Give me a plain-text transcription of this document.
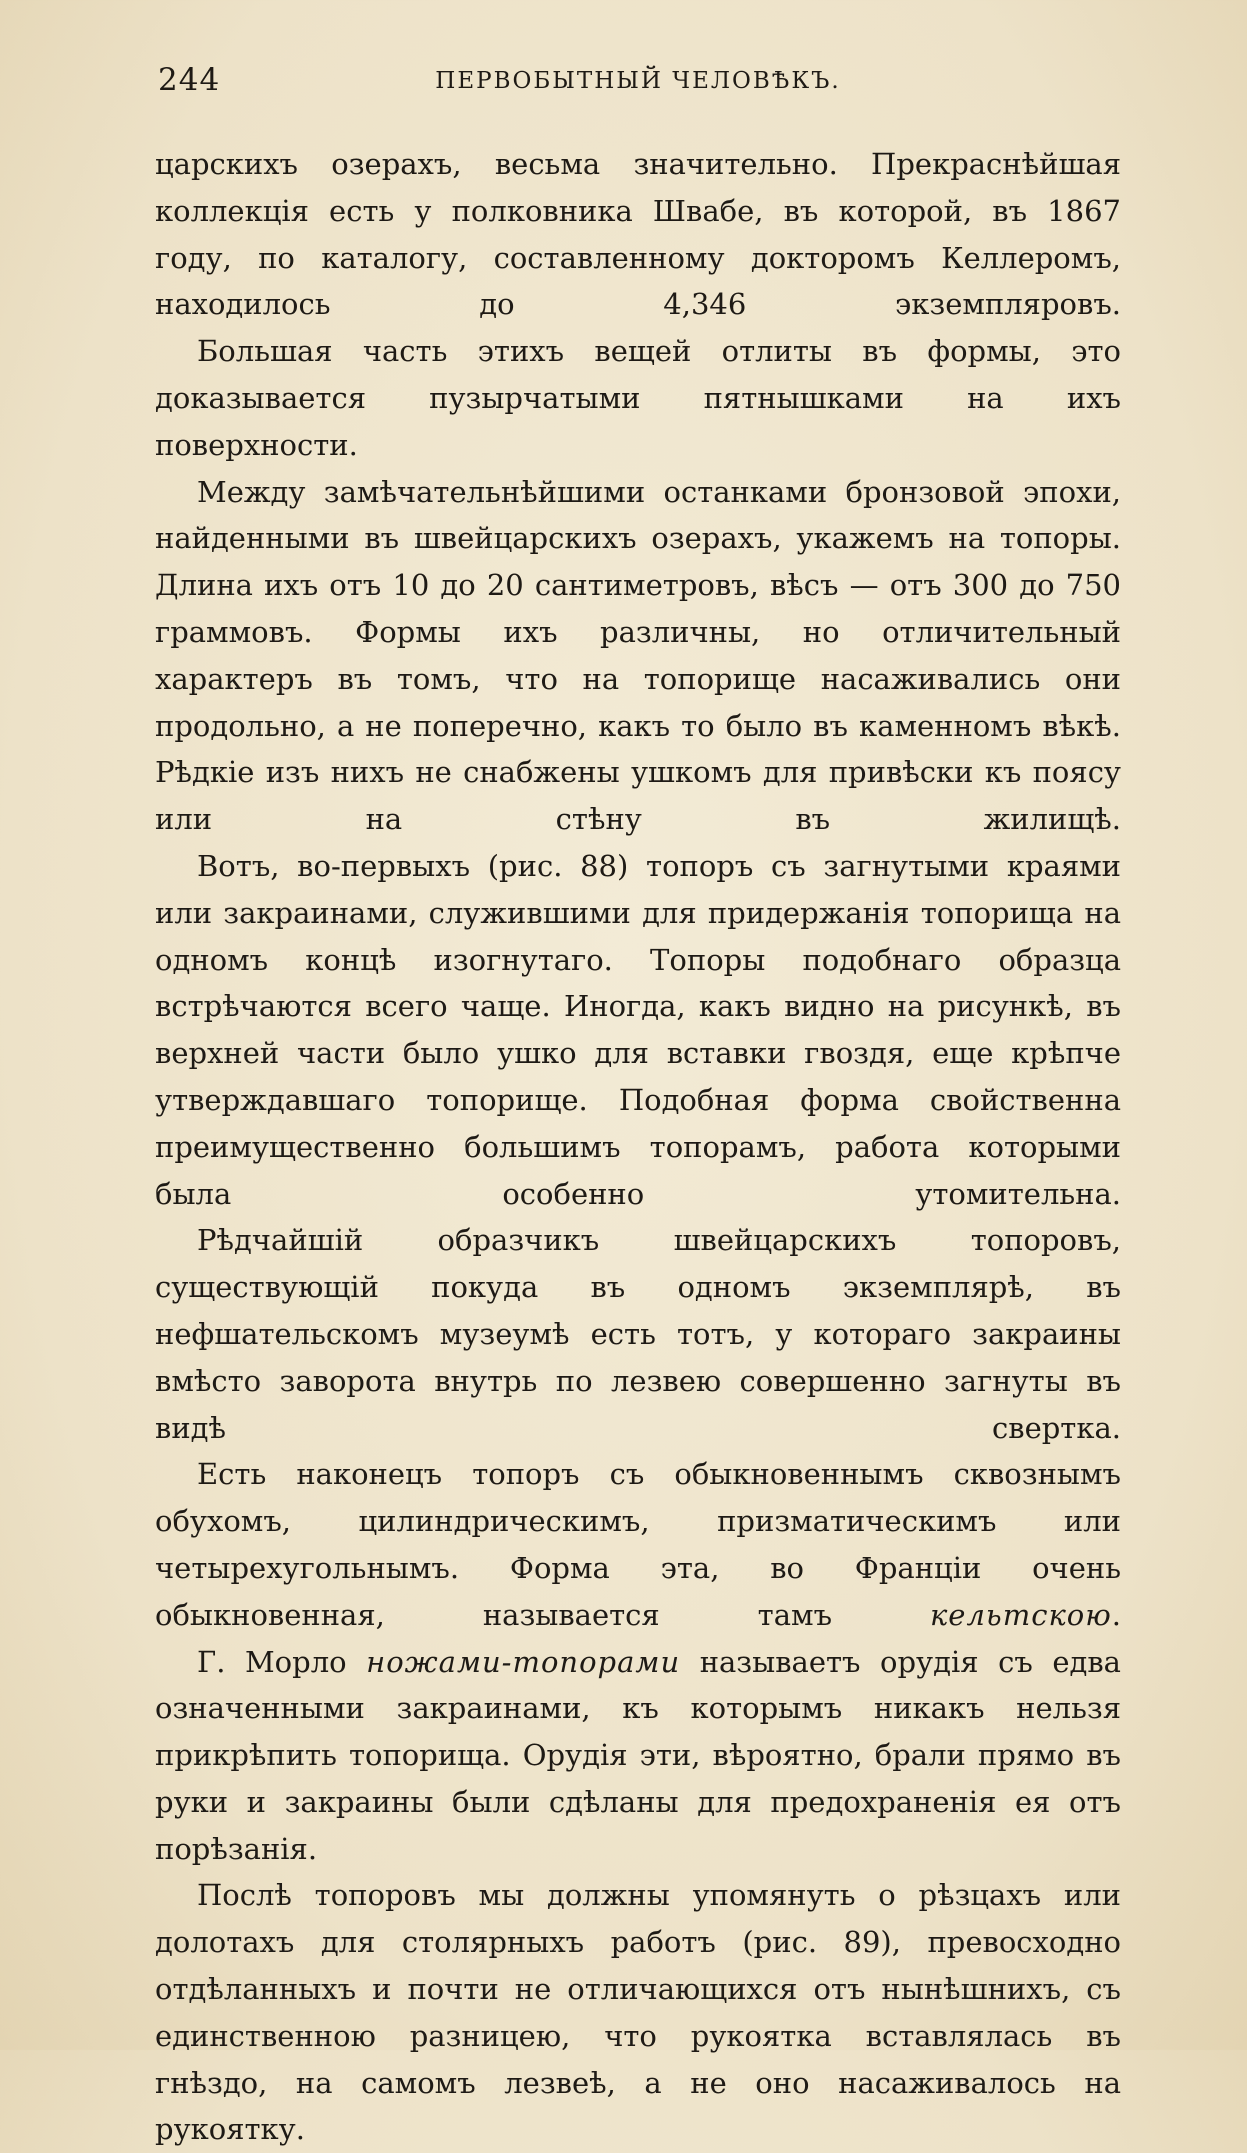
244	ПЕРВОБЫТНЫЙ ЧЕЛОВѢКЪ.

царскихъ озерахъ, весьма значительно. Прекраснѣйшая коллекція есть у полковника Швабе, въ которой, въ 1867 году, по каталогу, составленному докторомъ Келлеромъ, находилось до 4,346 экземпляровъ.

Большая часть этихъ вещей отлиты въ формы, это доказывается пузырчатыми пятнышками на ихъ поверхности.

Между замѣчательнѣйшими останками бронзовой эпохи, найденными въ швейцарскихъ озерахъ, укажемъ на топоры. Длина ихъ отъ 10 до 20 сантиметровъ, вѣсъ — отъ 300 до 750 граммовъ. Формы ихъ различны, но отличительный характеръ въ томъ, что на топорище насаживались они продольно, а не поперечно, какъ то было въ каменномъ вѣкѣ. Рѣдкіе изъ нихъ не снабжены ушкомъ для привѣски къ поясу или на стѣну въ жилищѣ.

Вотъ, во-первыхъ (рис. 88) топоръ съ загнутыми краями или закраинами, служившими для придержанія топорища на одномъ концѣ изогнутаго. Топоры подобнаго образца встрѣчаются всего чаще. Иногда, какъ видно на рисункѣ, въ верхней части было ушко для вставки гвоздя, еще крѣпче утверждавшаго топорище. Подобная форма свойственна преимущественно большимъ топорамъ, работа которыми была особенно утомительна.

Рѣдчайшій образчикъ швейцарскихъ топоровъ, существующій покуда въ одномъ экземплярѣ, въ нефшательскомъ музеумѣ есть тотъ, у котораго закраины вмѣсто заворота внутрь по лезвею совершенно загнуты въ видѣ свертка.

Есть наконецъ топоръ съ обыкновеннымъ сквознымъ обухомъ, цилиндрическимъ, призматическимъ или четырехугольнымъ. Форма эта, во Франціи очень обыкновенная, называется тамъ кельтскою.

Г. Морло ножами-топорами называетъ орудія съ едва означенными закраинами, къ которымъ никакъ нельзя прикрѣпить топорища. Орудія эти, вѣроятно, брали прямо въ руки и закраины были сдѣланы для предохраненія ея отъ порѣзанія.

Послѣ топоровъ мы должны упомянуть о рѣзцахъ или долотахъ для столярныхъ работъ (рис. 89), превосходно отдѣланныхъ и почти не отличающихся отъ нынѣшнихъ, съ единственною разницею, что рукоятка вставлялась въ гнѣздо, на самомъ лезвеѣ, а не оно насаживалось на рукоятку.
